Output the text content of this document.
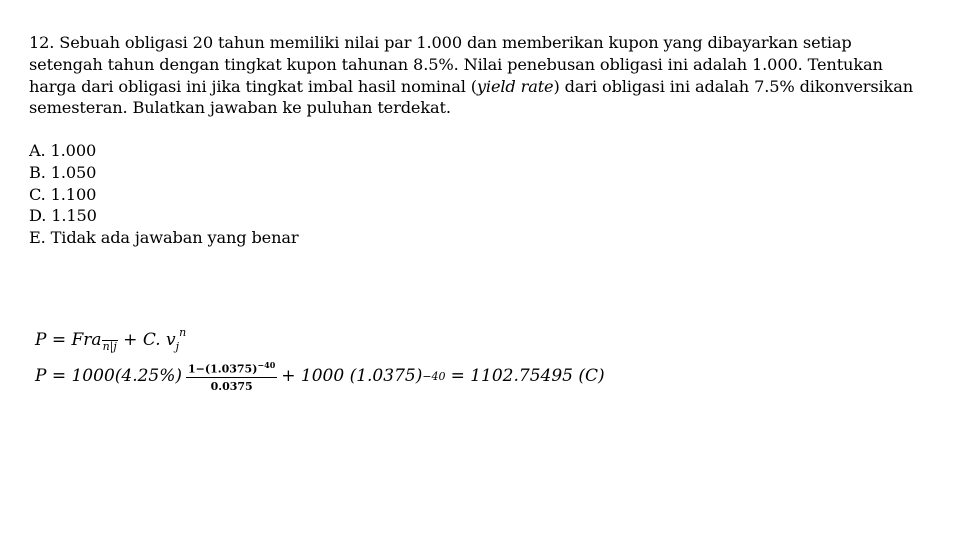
12. Sebuah obligasi 20 tahun memiliki nilai par 1.000 dan memberikan kupon yang dibayarkan setiap setengah tahun dengan tingkat kupon tahunan 8.5%. Nilai penebusan obligasi ini adalah 1.000. Tentukan harga dari obligasi ini jika tingkat imbal hasil nominal (yield rate) dari obligasi ini adalah 7.5% dikonversikan semesteran. Bulatkan jawaban ke puluhan terdekat.

A. 1.000
B. 1.050
C. 1.100
D. 1.150
E. Tidak ada jawaban yang benar
P = Fra$_{n|j}$ + C. $v_j^n$
$P = 1000(4.25\%) \frac{1-(1.0375)^{-40}}{0.0375} + 1000$ (1.0375) −40 = 1102.75495 (C)
